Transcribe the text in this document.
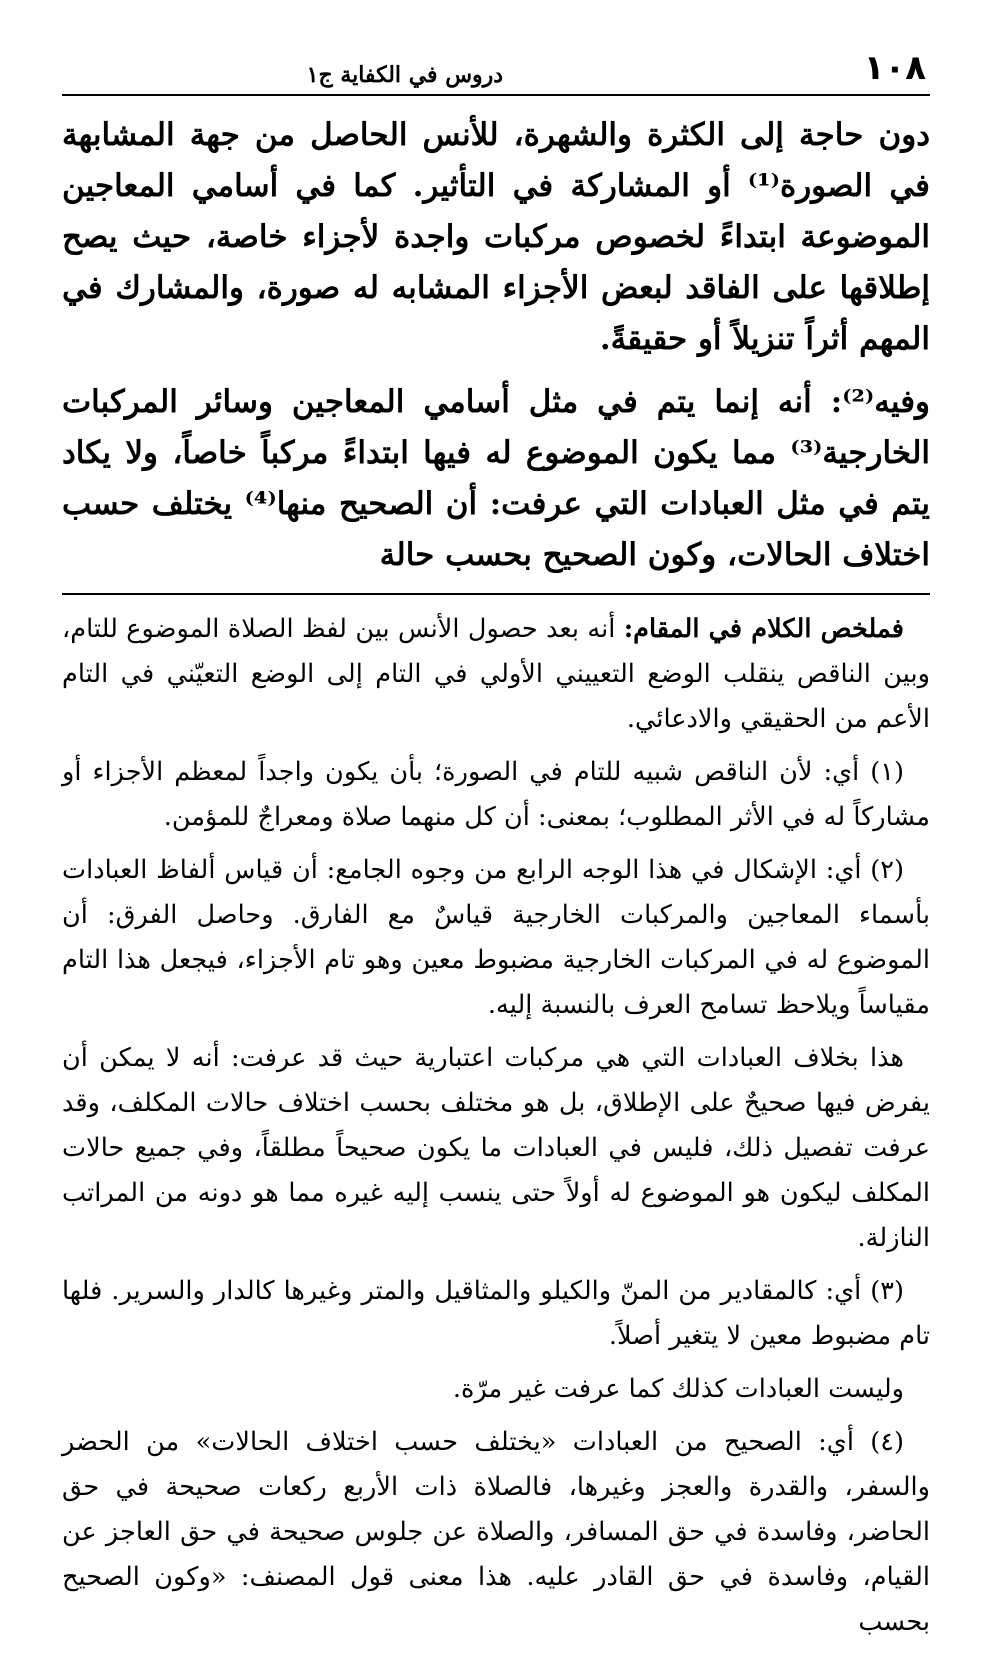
١٠٨
دروس في الكفاية ج١

دون حاجة إلى الكثرة والشهرة، للأنس الحاصل من جهة المشابهة في الصورة⁽¹⁾ أو المشاركة في التأثير. كما في أسامي المعاجين الموضوعة ابتداءً لخصوص مركبات واجدة لأجزاء خاصة، حيث يصح إطلاقها على الفاقد لبعض الأجزاء المشابه له صورة، والمشارك في المهم أثراً تنزيلاً أو حقيقةً.

وفيه⁽²⁾: أنه إنما يتم في مثل أسامي المعاجين وسائر المركبات الخارجية⁽³⁾ مما يكون الموضوع له فيها ابتداءً مركباً خاصاً، ولا يكاد يتم في مثل العبادات التي عرفت: أن الصحيح منها⁽⁴⁾ يختلف حسب اختلاف الحالات، وكون الصحيح بحسب حالة

فملخص الكلام في المقام: أنه بعد حصول الأنس بين لفظ الصلاة الموضوع للتام، وبين الناقص ينقلب الوضع التعييني الأولي في التام إلى الوضع التعيّني في التام الأعم من الحقيقي والادعائي.

(١) أي: لأن الناقص شبيه للتام في الصورة؛ بأن يكون واجداً لمعظم الأجزاء أو مشاركاً له في الأثر المطلوب؛ بمعنى: أن كل منهما صلاة ومعراجٌ للمؤمن.

(٢) أي: الإشكال في هذا الوجه الرابع من وجوه الجامع: أن قياس ألفاظ العبادات بأسماء المعاجين والمركبات الخارجية قياسٌ مع الفارق. وحاصل الفرق: أن الموضوع له في المركبات الخارجية مضبوط معين وهو تام الأجزاء، فيجعل هذا التام مقياساً ويلاحظ تسامح العرف بالنسبة إليه.

هذا بخلاف العبادات التي هي مركبات اعتبارية حيث قد عرفت: أنه لا يمكن أن يفرض فيها صحيحٌ على الإطلاق، بل هو مختلف بحسب اختلاف حالات المكلف، وقد عرفت تفصيل ذلك، فليس في العبادات ما يكون صحيحاً مطلقاً، وفي جميع حالات المكلف ليكون هو الموضوع له أولاً حتى ينسب إليه غيره مما هو دونه من المراتب النازلة.

(٣) أي: كالمقادير من المنّ والكيلو والمثاقيل والمتر وغيرها كالدار والسرير. فلها تام مضبوط معين لا يتغير أصلاً.

وليست العبادات كذلك كما عرفت غير مرّة.

(٤) أي: الصحيح من العبادات «يختلف حسب اختلاف الحالات» من الحضر والسفر، والقدرة والعجز وغيرها، فالصلاة ذات الأربع ركعات صحيحة في حق الحاضر، وفاسدة في حق المسافر، والصلاة عن جلوس صحيحة في حق العاجز عن القيام، وفاسدة في حق القادر عليه. هذا معنى قول المصنف: «وكون الصحيح بحسب
